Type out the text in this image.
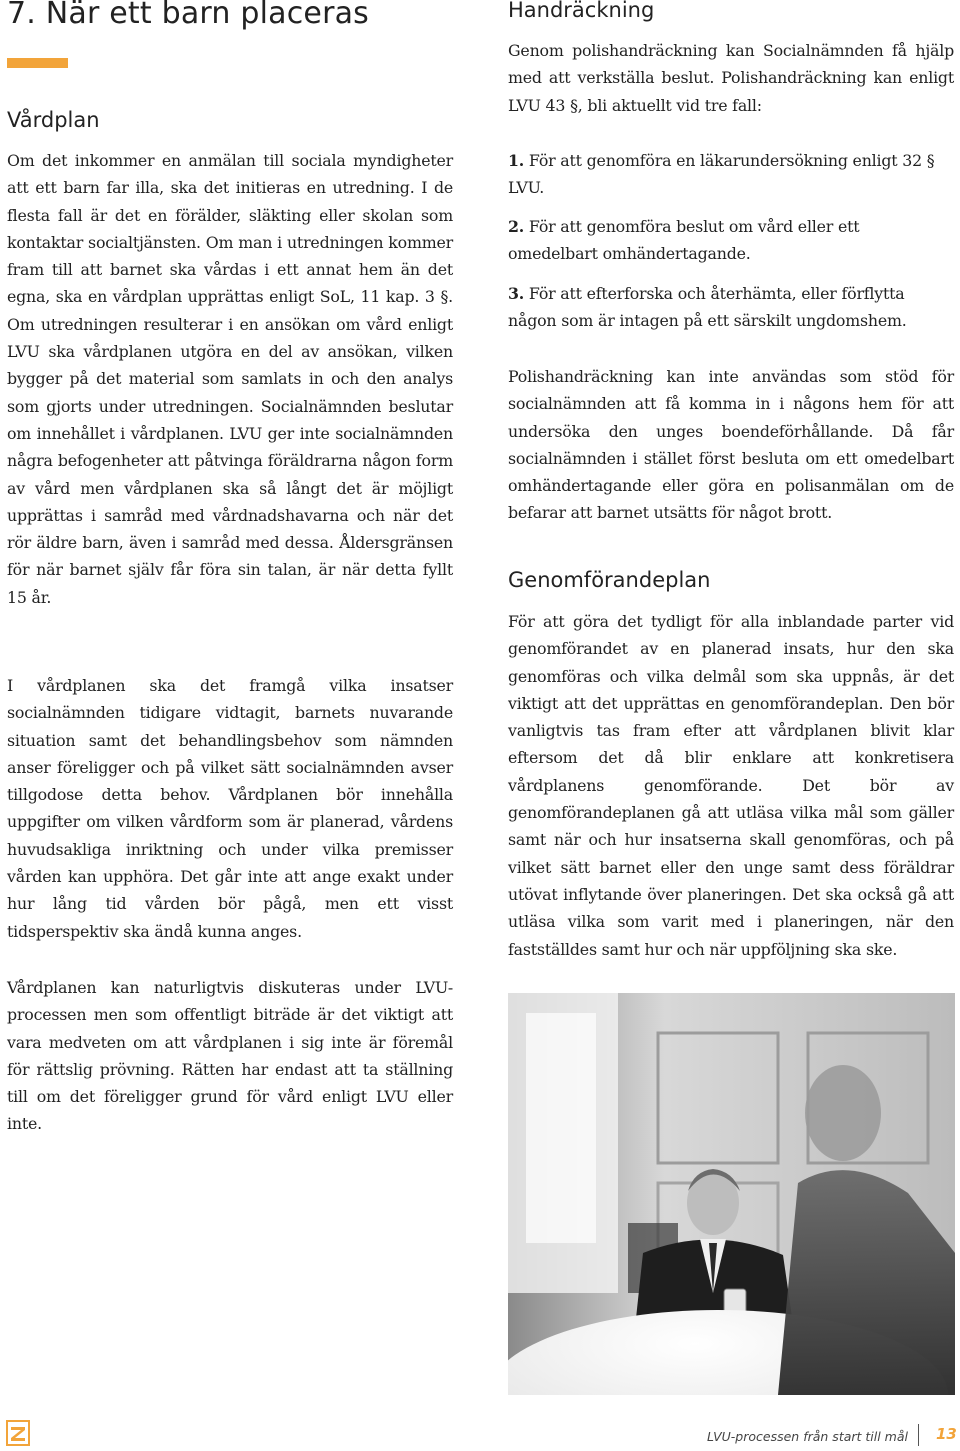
7. När ett barn placeras
Vårdplan

Om det inkommer en anmälan till sociala myndigheter att ett barn far illa, ska det initieras en utredning. I de flesta fall är det en förälder, släkting eller skolan som kontaktar socialtjänsten. Om man i utredningen kommer fram till att barnet ska vårdas i ett annat hem än det egna, ska en vårdplan upprättas enligt SoL, 11 kap. 3 §. Om utredningen resulterar i en ansökan om vård enligt LVU ska vårdplanen utgöra en del av ansökan, vilken bygger på det material som samlats in och den analys som gjorts under utredningen. Socialnämnden beslutar om innehållet i vårdplanen. LVU ger inte socialnämnden några befogenheter att påtvinga föräldrarna någon form av vård men vårdplanen ska så långt det är möjligt upprättas i samråd med vårdnadshavarna och när det rör äldre barn, även i samråd med dessa. Åldersgränsen för när barnet själv får föra sin talan, är när detta fyllt 15 år.

I vårdplanen ska det framgå vilka insatser socialnämnden tidigare vidtagit, barnets nuvarande situation samt det behandlingsbehov som nämnden anser föreligger och på vilket sätt socialnämnden avser tillgodose detta behov. Vårdplanen bör innehålla uppgifter om vilken vårdform som är planerad, vårdens huvudsakliga inriktning och under vilka premisser vården kan upphöra. Det går inte att ange exakt under hur lång tid vården bör pågå, men ett visst tidsperspektiv ska ändå kunna anges.

Vårdplanen kan naturligtvis diskuteras under LVU-processen men som offentligt biträde är det viktigt att vara medveten om att vårdplanen i sig inte är föremål för rättslig prövning. Rätten har endast att ta ställning till om det föreligger grund för vård enligt LVU eller inte.

Handräckning

Genom polishandräckning kan Socialnämnden få hjälp med att verkställa beslut. Polishandräckning kan enligt LVU 43 §, bli aktuellt vid tre fall:

1. För att genomföra en läkarundersökning enligt 32 § LVU.

2. För att genomföra beslut om vård eller ett omedelbart omhändertagande.

3. För att efterforska och återhämta, eller förflytta någon som är intagen på ett särskilt ungdomshem.

Polishandräckning kan inte användas som stöd för socialnämnden att få komma in i någons hem för att undersöka den unges boendeförhållande. Då får socialnämnden i stället först besluta om ett omedelbart omhändertagande eller göra en polisanmälan om de befarar att barnet utsätts för något brott.

Genomförandeplan

För att göra det tydligt för alla inblandade parter vid genomförandet av en planerad insats, hur den ska genomföras och vilka delmål som ska uppnås, är det viktigt att det upprättas en genomförandeplan. Den bör vanligtvis tas fram efter att vårdplanen blivit klar eftersom det då blir enklare att konkretisera vårdplanens genomförande. Det bör av genomförandeplanen gå att utläsa vilka mål som gäller samt när och hur insatserna skall genomföras, och på vilket sätt barnet eller den unge samt dess föräldrar utövat inflytande över planeringen. Det ska också gå att utläsa vilka som varit med i planeringen, när den fastställdes samt hur och när uppföljning ska ske.

LVU-processen från start till mål 13
